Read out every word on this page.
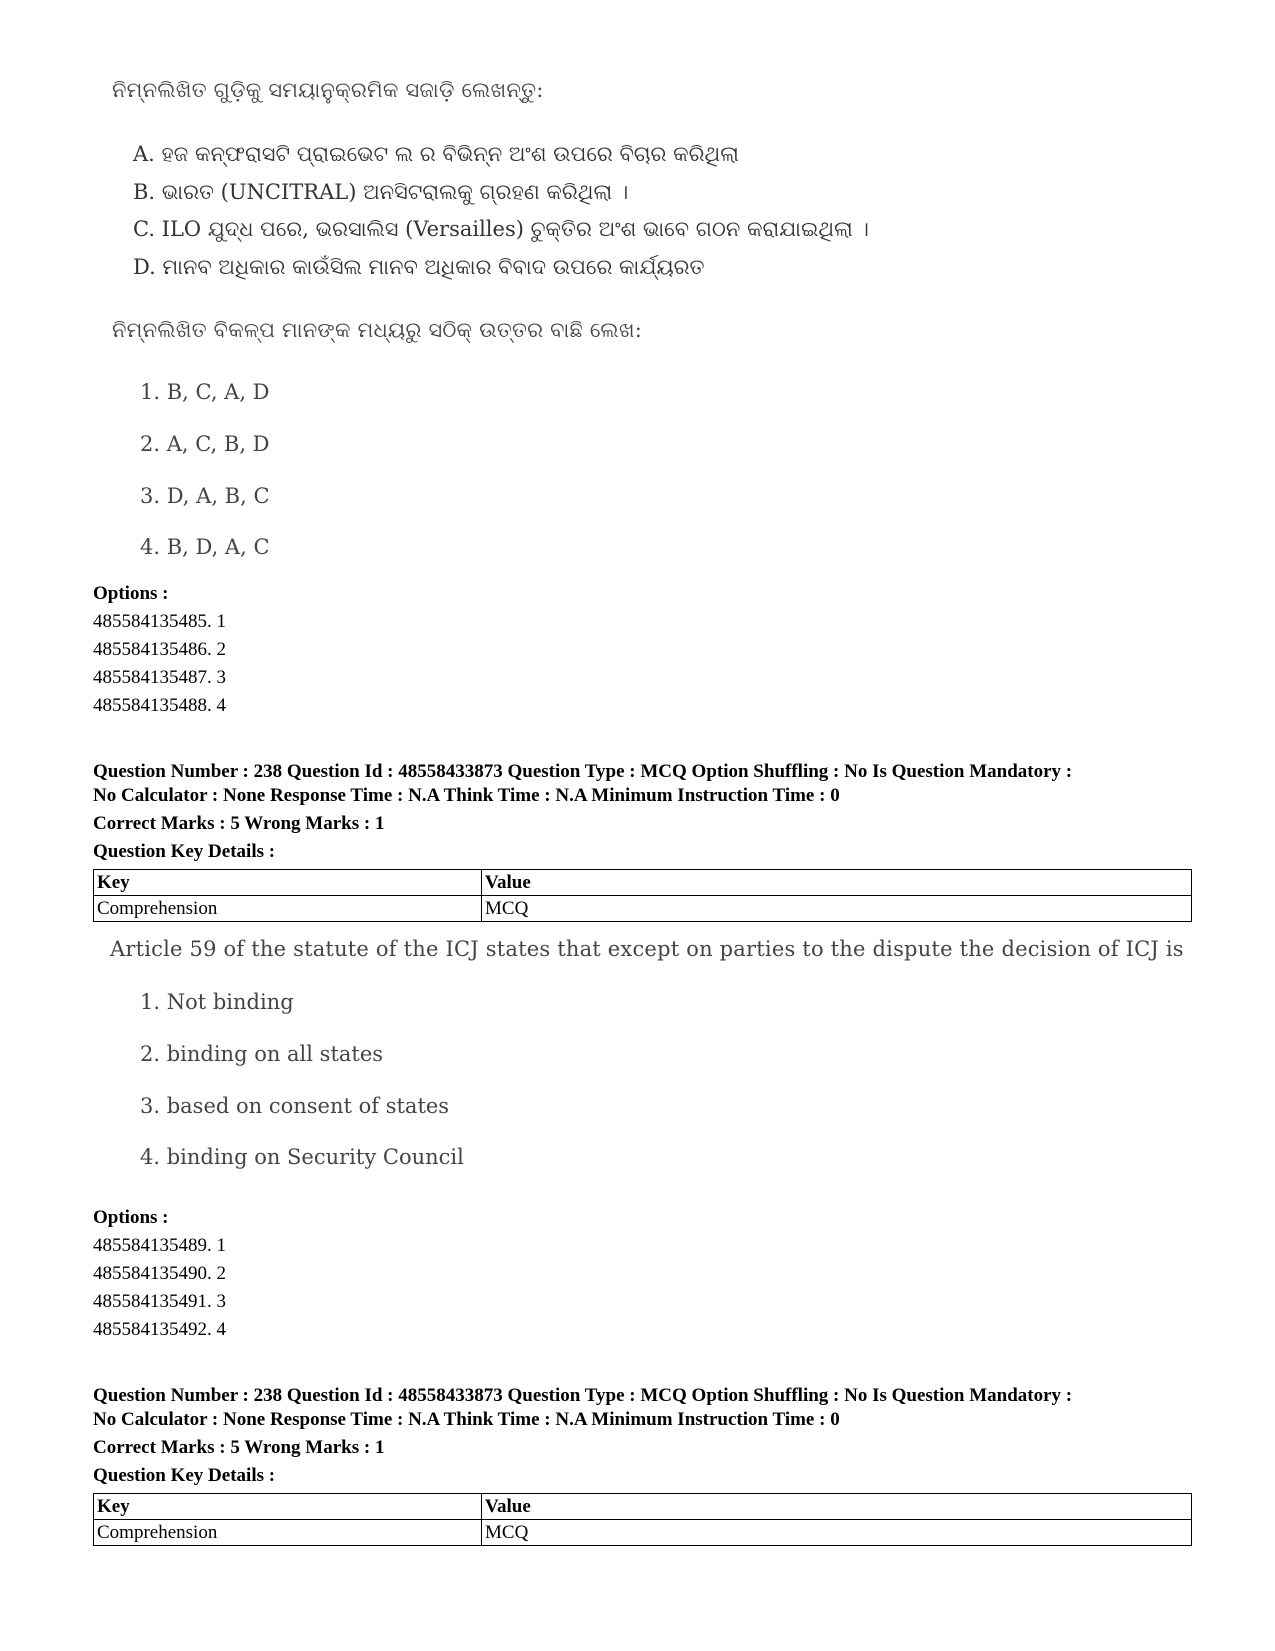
ନିମ୍ନଲିଖିତ ଗୁଡ଼ିକୁ ସମୟାନୁକ୍ରମିକ ସଜାଡ଼ି ଲେଖନ୍ତୁ:
A. ହଜ କନ୍‌ଫରାସଟି ପ୍ରାଇଭେଟ ଲ ର ବିଭିନ୍ନ ଅଂଶ ଉପରେ ବିଚାର କରିଥିଲା
B. ଭାରତ (UNCITRAL) ଅନସିଟରାଲକୁ ଗ୍ରହଣ କରିଥିଲା ।
C. ILO ଯୁଦ୍ଧ ପରେ, ଭରସାଲିସ (Versailles) ଚୁକ୍ତିର ଅଂଶ ଭାବେ ଗଠନ କରାଯାଇଥିଲା ।
D. ମାନବ ଅଧିକାର କାଉଁସିଲ ମାନବ ଅଧିକାର ବିବାଦ ଉପରେ କାର୍ଯ୍ୟରତ
ନିମ୍ନଲିଖିତ ବିକଳ୍ପ ମାନଙ୍କ ମଧ୍ୟରୁ ସଠିକ୍ ଉତ୍ତର ବାଛି ଲେଖ:
1. B, C, A, D
2. A, C, B, D
3. D, A, B, C
4. B, D, A, C
Options :
485584135485. 1
485584135486. 2
485584135487. 3
485584135488. 4
Question Number : 238 Question Id : 48558433873 Question Type : MCQ Option Shuffling : No Is Question Mandatory :
No Calculator : None Response Time : N.A Think Time : N.A Minimum Instruction Time : 0
Correct Marks : 5 Wrong Marks : 1
Question Key Details :
Key	Value
Comprehension	MCQ
Article 59 of the statute of the ICJ states that except on parties to the dispute the decision of ICJ is
1. Not binding
2. binding on all states
3. based on consent of states
4. binding on Security Council
Options :
485584135489. 1
485584135490. 2
485584135491. 3
485584135492. 4
Question Number : 238 Question Id : 48558433873 Question Type : MCQ Option Shuffling : No Is Question Mandatory :
No Calculator : None Response Time : N.A Think Time : N.A Minimum Instruction Time : 0
Correct Marks : 5 Wrong Marks : 1
Question Key Details :
Key	Value
Comprehension	MCQ
